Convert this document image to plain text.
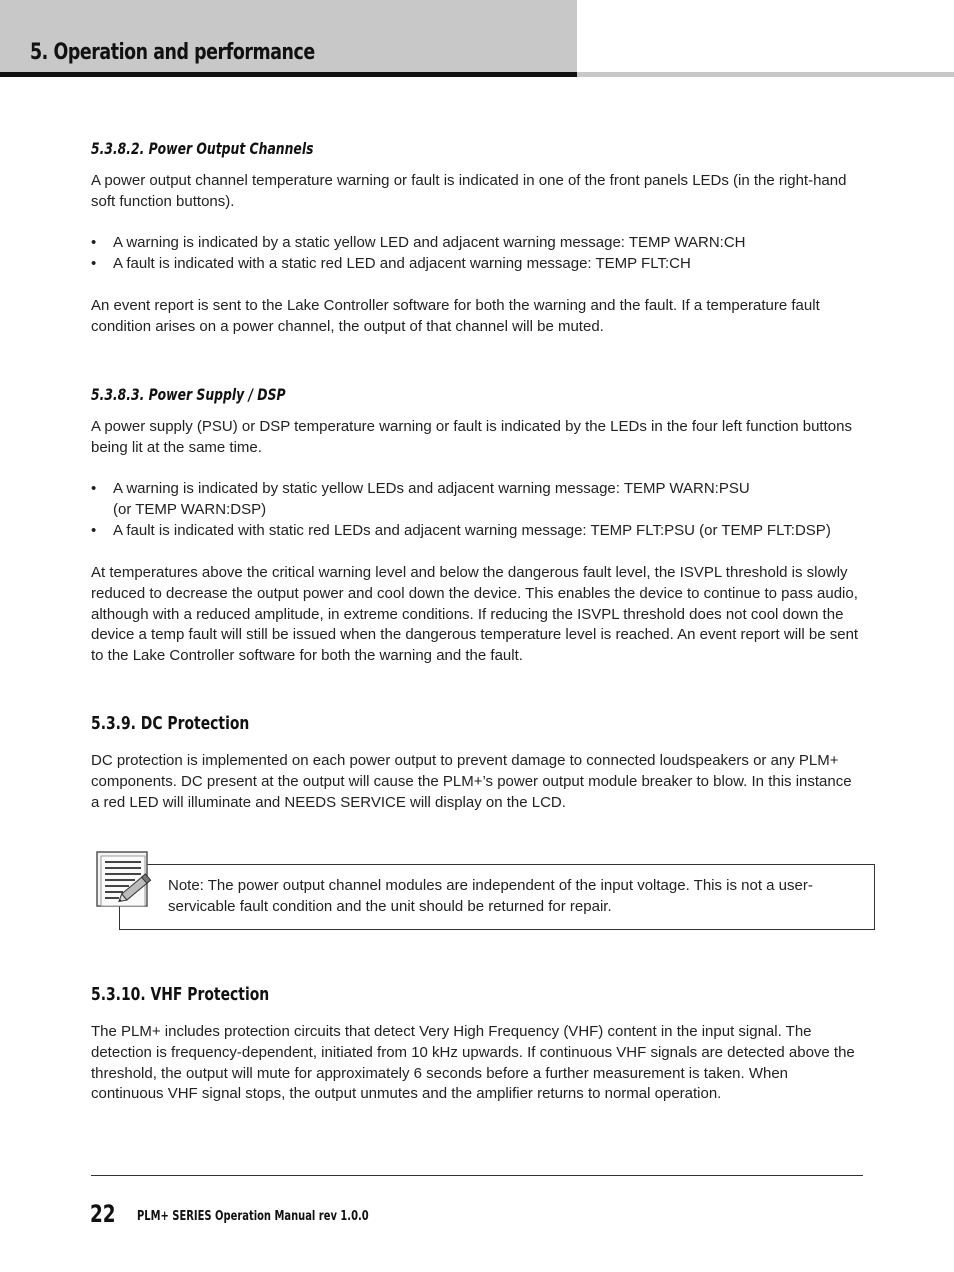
5. Operation and performance
5.3.8.2. Power Output Channels

A power output channel temperature warning or fault is indicated in one of the front panels LEDs (in the right-hand soft function buttons).

• A warning is indicated by a static yellow LED and adjacent warning message: TEMP WARN:CH
• A fault is indicated with a static red LED and adjacent warning message: TEMP FLT:CH

An event report is sent to the Lake Controller software for both the warning and the fault. If a temperature fault condition arises on a power channel, the output of that channel will be muted.

5.3.8.3. Power Supply / DSP

A power supply (PSU) or DSP temperature warning or fault is indicated by the LEDs in the four left function buttons being lit at the same time.

• A warning is indicated by static yellow LEDs and adjacent warning message: TEMP WARN:PSU
(or TEMP WARN:DSP)
• A fault is indicated with static red LEDs and adjacent warning message: TEMP FLT:PSU (or TEMP FLT:DSP)

At temperatures above the critical warning level and below the dangerous fault level, the ISVPL threshold is slowly reduced to decrease the output power and cool down the device. This enables the device to continue to pass audio, although with a reduced amplitude, in extreme conditions. If reducing the ISVPL threshold does not cool down the device a temp fault will still be issued when the dangerous temperature level is reached. An event report will be sent to the Lake Controller software for both the warning and the fault.

5.3.9. DC Protection

DC protection is implemented on each power output to prevent damage to connected loudspeakers or any PLM+ components. DC present at the output will cause the PLM+’s power output module breaker to blow. In this instance a red LED will illuminate and NEEDS SERVICE will display on the LCD.

Note: The power output channel modules are independent of the input voltage. This is not a user-servicable fault condition and the unit should be returned for repair.

5.3.10. VHF Protection

The PLM+ includes protection circuits that detect Very High Frequency (VHF) content in the input signal. The detection is frequency-dependent, initiated from 10 kHz upwards. If continuous VHF signals are detected above the threshold, the output will mute for approximately 6 seconds before a further measurement is taken. When continuous VHF signal stops, the output unmutes and the amplifier returns to normal operation.

22 PLM+ SERIES Operation Manual rev 1.0.0
